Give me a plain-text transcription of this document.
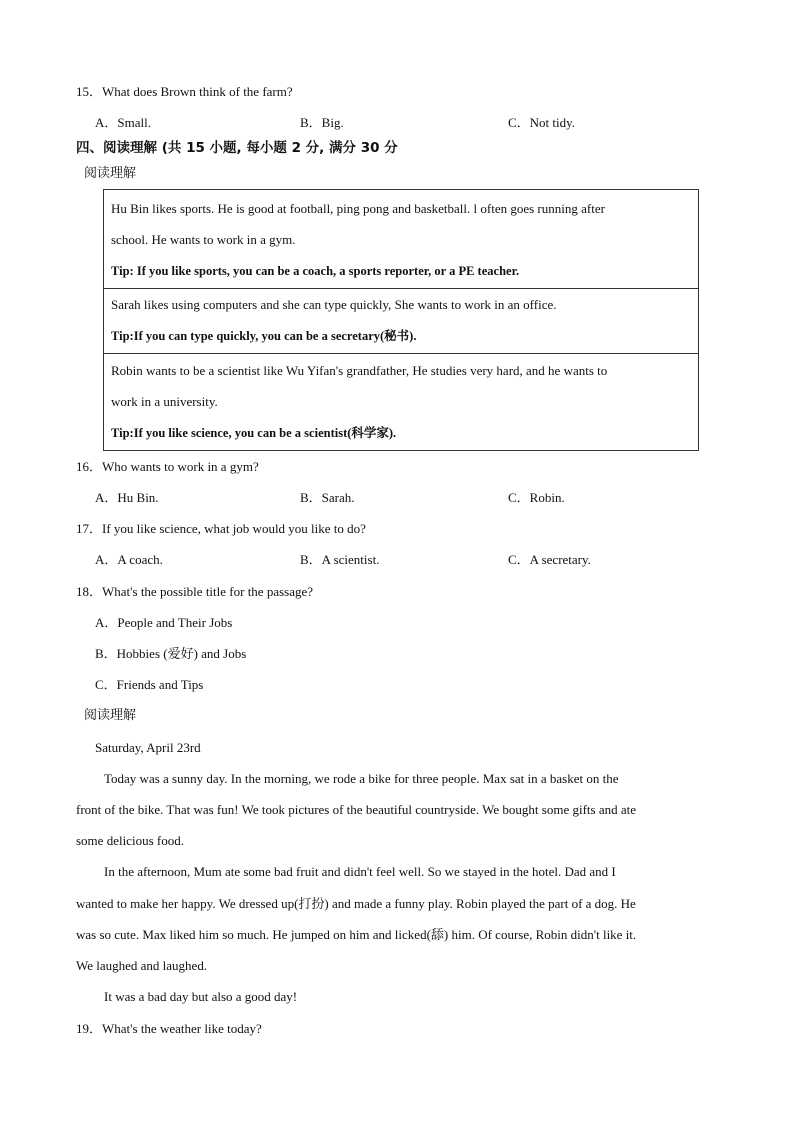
15．What does Brown think of the farm?
A．Small.	B．Big.	C．Not tidy.
四、阅读理解 (共 15 小题, 每小题 2 分, 满分 30 分
阅读理解
Hu Bin likes sports. He is good at football, ping pong and basketball. l often goes running after
school. He wants to work in a gym.
Tip: If you like sports, you can be a coach, a sports reporter, or a PE teacher.
Sarah likes using computers and she can type quickly, She wants to work in an office.
Tip:If you can type quickly, you can be a secretary(秘书).
Robin wants to be a scientist like Wu Yifan's grandfather, He studies very hard, and he wants to
work in a university.
Tip:If you like science, you can be a scientist(科学家).
16．Who wants to work in a gym?
A．Hu Bin.	B．Sarah.	C．Robin.
17．If you like science, what job would you like to do?
A．A coach.	B．A scientist.	C．A secretary.
18．What's the possible title for the passage?
A．People and Their Jobs
B．Hobbies (爱好) and Jobs
C．Friends and Tips
阅读理解
Saturday, April 23rd
Today was a sunny day. In the morning, we rode a bike for three people. Max sat in a basket on the
front of the bike. That was fun! We took pictures of the beautiful countryside. We bought some gifts and ate
some delicious food.
In the afternoon, Mum ate some bad fruit and didn't feel well. So we stayed in the hotel. Dad and I
wanted to make her happy. We dressed up(打扮) and made a funny play. Robin played the part of a dog. He
was so cute. Max liked him so much. He jumped on him and licked(舔) him. Of course, Robin didn't like it.
We laughed and laughed.
It was a bad day but also a good day!
19．What's the weather like today?
